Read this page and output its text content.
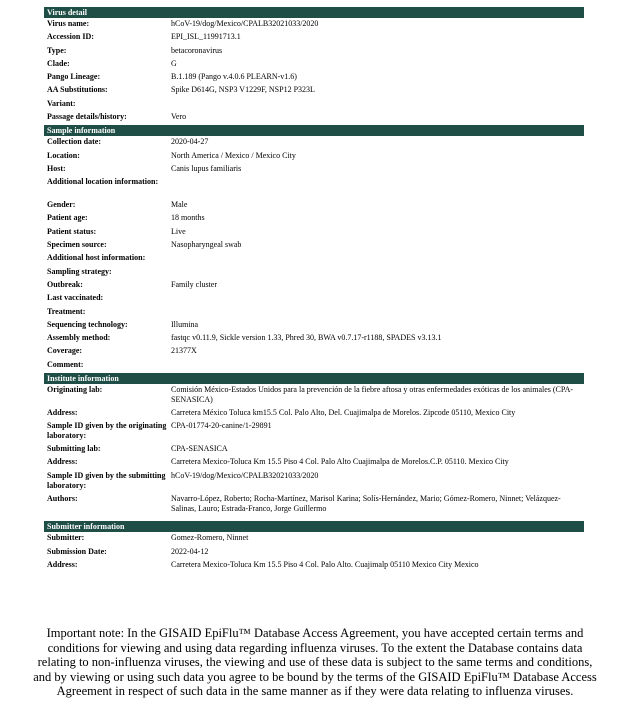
Virus detail
Virus name:	hCoV-19/dog/Mexico/CPALB32021033/2020
Accession ID:	EPI_ISL_11991713.1
Type:	betacoronavirus
Clade:	G
Pango Lineage:	B.1.189 (Pango v.4.0.6 PLEARN-v1.6)
AA Substitutions:	Spike D614G, NSP3 V1229F, NSP12 P323L
Variant:
Passage details/history:	Vero
Sample information
Collection date:	2020-04-27
Location:	North America / Mexico / Mexico City
Host:	Canis lupus familiaris
Additional location information:
Gender:	Male
Patient age:	18 months
Patient status:	Live
Specimen source:	Nasopharyngeal swab
Additional host information:
Sampling strategy:
Outbreak:	Family cluster
Last vaccinated:
Treatment:
Sequencing technology:	Illumina
Assembly method:	fastqc v0.11.9, Sickle version 1.33, Phred 30, BWA v0.7.17-r1188, SPADES v3.13.1
Coverage:	21377X
Comment:
Institute information
Originating lab:	Comisión México-Estados Unidos para la prevención de la fiebre aftosa y otras enfermedades exóticas de los animales (CPA-SENASICA)
Address:	Carretera México Toluca km15.5 Col. Palo Alto, Del. Cuajimalpa de Morelos. Zipcode 05110, Mexico City
Sample ID given by the originating laboratory:
CPA-01774-20-canine/1-29891
Submitting lab:	CPA-SENASICA
Address:	Carretera Mexico-Toluca Km 15.5 Piso 4 Col. Palo Alto Cuajimalpa de Morelos.C.P. 05110. Mexico City
Sample ID given by the submitting laboratory:
hCoV-19/dog/Mexico/CPALB32021033/2020
Authors:	Navarro-López, Roberto; Rocha-Martínez, Marisol Karina; Solís-Hernández, Mario; Gómez-Romero, Ninnet; Velázquez-Salinas, Lauro; Estrada-Franco, Jorge Guillermo
Submitter information
Submitter:	Gomez-Romero, Ninnet
Submission Date:	2022-04-12
Address:	Carretera Mexico-Toluca Km 15.5 Piso 4 Col. Palo Alto. Cuajimalp 05110 Mexico City Mexico
Important note: In the GISAID EpiFlu™ Database Access Agreement, you have accepted certain terms and conditions for viewing and using data regarding influenza viruses. To the extent the Database contains data relating to non-influenza viruses, the viewing and use of these data is subject to the same terms and conditions, and by viewing or using such data you agree to be bound by the terms of the GISAID EpiFlu™ Database Access Agreement in respect of such data in the same manner as if they were data relating to influenza viruses.
